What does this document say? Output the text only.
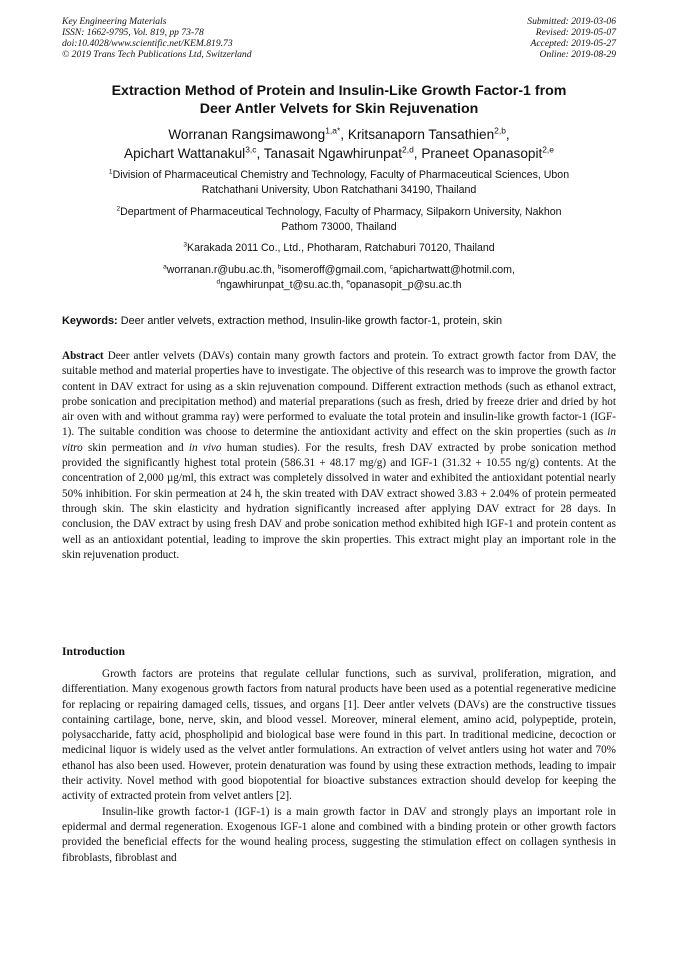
Key Engineering Materials
ISSN: 1662-9795, Vol. 819, pp 73-78
doi:10.4028/www.scientific.net/KEM.819.73
© 2019 Trans Tech Publications Ltd, Switzerland
Submitted: 2019-03-06
Revised: 2019-05-07
Accepted: 2019-05-27
Online: 2019-08-29
Extraction Method of Protein and Insulin-Like Growth Factor-1 from
Deer Antler Velvets for Skin Rejuvenation
Worranan Rangsimawong$^{1,a*}$, Kritsanaporn Tansathien$^{2,b}$,
Apichart Wattanakul$^{3,c}$, Tanasait Ngawhirunpat$^{2,d}$, Praneet Opanasopit$^{2,e}$
$^1$Division of Pharmaceutical Chemistry and Technology, Faculty of Pharmaceutical Sciences, Ubon
Ratchathani University, Ubon Ratchathani 34190, Thailand
$^2$Department of Pharmaceutical Technology, Faculty of Pharmacy, Silpakorn University, Nakhon
Pathom 73000, Thailand
$^3$Karakada 2011 Co., Ltd., Photharam, Ratchaburi 70120, Thailand
$^a$worranan.r@ubu.ac.th, $^b$isomeroff@gmail.com, $^c$apichartwatt@hotmil.com,
$^d$ngawhirunpat_t@su.ac.th, $^e$opanasopit_p@su.ac.th
Keywords: Deer antler velvets, extraction method, Insulin-like growth factor-1, protein, skin
Abstract Deer antler velvets (DAVs) contain many growth factors and protein. To extract growth factor from DAV, the suitable method and material properties have to investigate. The objective of this research was to improve the growth factor content in DAV extract for using as a skin rejuvenation compound. Different extraction methods (such as ethanol extract, probe sonication and precipitation method) and material preparations (such as fresh, dried by freeze drier and dried by hot air oven with and without gramma ray) were performed to evaluate the total protein and insulin-like growth factor-1 (IGF-1). The suitable condition was choose to determine the antioxidant activity and effect on the skin properties (such as in vitro skin permeation and in vivo human studies). For the results, fresh DAV extracted by probe sonication method provided the significantly highest total protein (586.31 + 48.17 mg/g) and IGF-1 (31.32 + 10.55 ng/g) contents. At the concentration of 2,000 µg/ml, this extract was completely dissolved in water and exhibited the antioxidant potential nearly 50% inhibition. For skin permeation at 24 h, the skin treated with DAV extract showed 3.83 + 2.04% of protein permeated through skin. The skin elasticity and hydration significantly increased after applying DAV extract for 28 days. In conclusion, the DAV extract by using fresh DAV and probe sonication method exhibited high IGF-1 and protein content as well as an antioxidant potential, leading to improve the skin properties. This extract might play an important role in the skin rejuvenation product.
Introduction

Growth factors are proteins that regulate cellular functions, such as survival, proliferation, migration, and differentiation. Many exogenous growth factors from natural products have been used as a potential regenerative medicine for replacing or repairing damaged cells, tissues, and organs [1]. Deer antler velvets (DAVs) are the constructive tissues containing cartilage, bone, nerve, skin, and blood vessel. Moreover, mineral element, amino acid, polypeptide, protein, polysaccharide, fatty acid, phospholipid and biological base were found in this part. In traditional medicine, decoction or medicinal liquor is widely used as the velvet antler formulations. An extraction of velvet antlers using hot water and 70% ethanol has also been used. However, protein denaturation was found by using these extraction methods, leading to impair their activity. Novel method with good biopotential for bioactive substances extraction should develop for keeping the activity of extracted protein from velvet antlers [2].

Insulin-like growth factor-1 (IGF-1) is a main growth factor in DAV and strongly plays an important role in epidermal and dermal regeneration. Exogenous IGF-1 alone and combined with a binding protein or other growth factors provided the beneficial effects for the wound healing process, suggesting the stimulation effect on collagen synthesis in fibroblasts, fibroblast and
